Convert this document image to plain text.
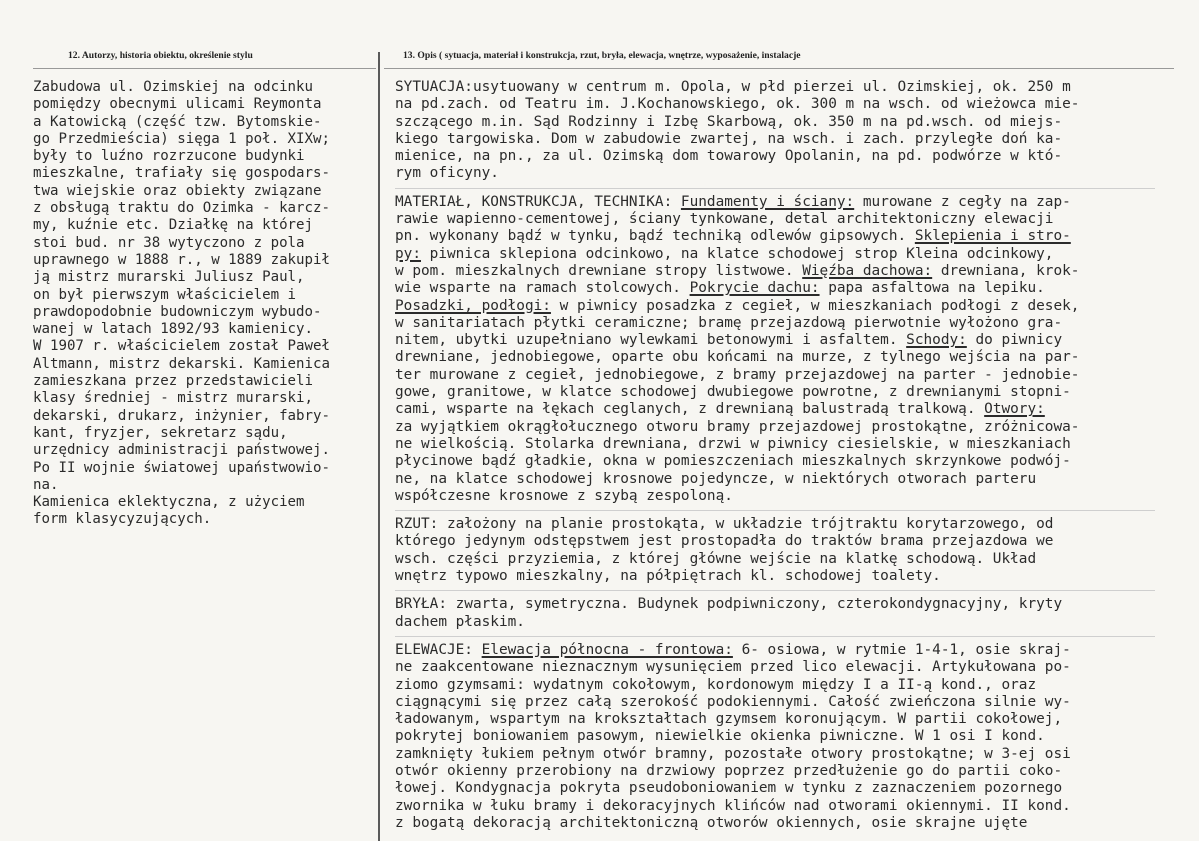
12. Autorzy, historia obiektu, określenie stylu	13. Opis ( sytuacja, materiał i konstrukcja, rzut, bryła, elewacja, wnętrze, wyposażenie, instalacje
Zabudowa ul. Ozimskiej na odcinku
pomiędzy obecnymi ulicami Reymonta
a Katowicką (część tzw. Bytomskie-
go Przedmieścia) sięga 1 poł. XIXw;
były to luźno rozrzucone budynki
mieszkalne, trafiały się gospodars-
twa wiejskie oraz obiekty związane
z obsługą traktu do Ozimka - karcz-
my, kuźnie etc. Działkę na której
stoi bud. nr 38 wytyczono z pola
uprawnego w 1888 r., w 1889 zakupił
ją mistrz murarski Juliusz Paul,
on był pierwszym właścicielem i
prawdopodobnie budowniczym wybudo-
wanej w latach 1892/93 kamienicy.
W 1907 r. właścicielem został Paweł
Altmann, mistrz dekarski. Kamienica
zamieszkana przez przedstawicieli
klasy średniej - mistrz murarski,
dekarski, drukarz, inżynier, fabry-
kant, fryzjer, sekretarz sądu,
urzędnicy administracji państwowej.
Po II wojnie światowej upaństwowio-
na.
Kamienica eklektyczna, z użyciem
form klasycyzujących.
SYTUACJA:usytuowany w centrum m. Opola, w płd pierzei ul. Ozimskiej, ok. 250 m
na pd.zach. od Teatru im. J.Kochanowskiego, ok. 300 m na wsch. od wieżowca mie-
szczącego m.in. Sąd Rodzinny i Izbę Skarbową, ok. 350 m na pd.wsch. od miejs-
kiego targowiska. Dom w zabudowie zwartej, na wsch. i zach. przyległe doń ka-
mienice, na pn., za ul. Ozimską dom towarowy Opolanin, na pd. podwórze w któ-
rym oficyny.
MATERIAŁ, KONSTRUKCJA, TECHNIKA: Fundamenty i ściany: murowane z cegły na zap-
rawie wapienno-cementowej, ściany tynkowane, detal architektoniczny elewacji
pn. wykonany bądź w tynku, bądź techniką odlewów gipsowych. Sklepienia i stro-
py: piwnica sklepiona odcinkowo, na klatce schodowej strop Kleina odcinkowy,
w pom. mieszkalnych drewniane stropy listwowe. Więźba dachowa: drewniana, krok-
wie wsparte na ramach stolcowych. Pokrycie dachu: papa asfaltowa na lepiku.
Posadzki, podłogi: w piwnicy posadzka z cegieł, w mieszkaniach podłogi z desek,
w sanitariatach płytki ceramiczne; bramę przejazdową pierwotnie wyłożono gra-
nitem, ubytki uzupełniano wylewkami betonowymi i asfaltem. Schody: do piwnicy
drewniane, jednobiegowe, oparte obu końcami na murze, z tylnego wejścia na par-
ter murowane z cegieł, jednobiegowe, z bramy przejazdowej na parter - jednobie-
gowe, granitowe, w klatce schodowej dwubiegowe powrotne, z drewnianymi stopni-
cami, wsparte na łękach ceglanych, z drewnianą balustradą tralkową. Otwory:
za wyjątkiem okrągłołucznego otworu bramy przejazdowej prostokątne, zróżnicowa-
ne wielkością. Stolarka drewniana, drzwi w piwnicy ciesielskie, w mieszkaniach
płycinowe bądź gładkie, okna w pomieszczeniach mieszkalnych skrzynkowe podwój-
ne, na klatce schodowej krosnowe pojedyncze, w niektórych otworach parteru
współczesne krosnowe z szybą zespoloną.
RZUT: założony na planie prostokąta, w układzie trójtraktu korytarzowego, od
którego jedynym odstępstwem jest prostopadła do traktów brama przejazdowa we
wsch. części przyziemia, z której główne wejście na klatkę schodową. Układ
wnętrz typowo mieszkalny, na półpiętrach kl. schodowej toalety.
BRYŁA: zwarta, symetryczna. Budynek podpiwniczony, czterokondygnacyjny, kryty
dachem płaskim.
ELEWACJE: Elewacja północna - frontowa: 6- osiowa, w rytmie 1-4-1, osie skraj-
ne zaakcentowane nieznacznym wysunięciem przed lico elewacji. Artykułowana po-
ziomo gzymsami: wydatnym cokołowym, kordonowym między I a II-ą kond., oraz
ciągnącymi się przez całą szerokość podokiennymi. Całość zwieńczona silnie wy-
ładowanym, wspartym na krokształtach gzymsem koronującym. W partii cokołowej,
pokrytej boniowaniem pasowym, niewielkie okienka piwniczne. W 1 osi I kond.
zamknięty łukiem pełnym otwór bramny, pozostałe otwory prostokątne; w 3-ej osi
otwór okienny przerobiony na drzwiowy poprzez przedłużenie go do partii coko-
łowej. Kondygnacja pokryta pseudoboniowaniem w tynku z zaznaczeniem pozornego
zwornika w łuku bramy i dekoracyjnych klińców nad otworami okiennymi. II kond.
z bogatą dekoracją architektoniczną otworów okiennych, osie skrajne ujęte
